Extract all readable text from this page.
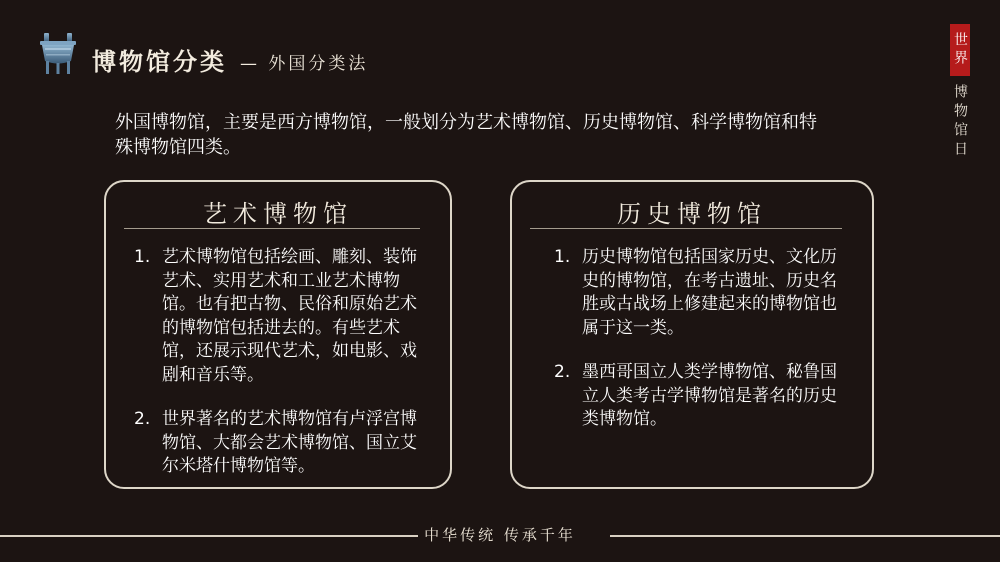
博物馆分类 — 外国分类法	世界
博物馆日
外国博物馆，主要是西方博物馆，一般划分为艺术博物馆、历史博物馆、科学博物馆和特殊博物馆四类。
艺术博物馆
1. 艺术博物馆包括绘画、雕刻、装饰艺术、实用艺术和工业艺术博物馆。也有把古物、民俗和原始艺术的博物馆包括进去的。有些艺术馆，还展示现代艺术，如电影、戏剧和音乐等。
2. 世界著名的艺术博物馆有卢浮宫博物馆、大都会艺术博物馆、国立艾尔米塔什博物馆等。
历史博物馆
1. 历史博物馆包括国家历史、文化历史的博物馆，在考古遗址、历史名胜或古战场上修建起来的博物馆也属于这一类。
2. 墨西哥国立人类学博物馆、秘鲁国立人类考古学博物馆是著名的历史类博物馆。
中华传统 传承千年
